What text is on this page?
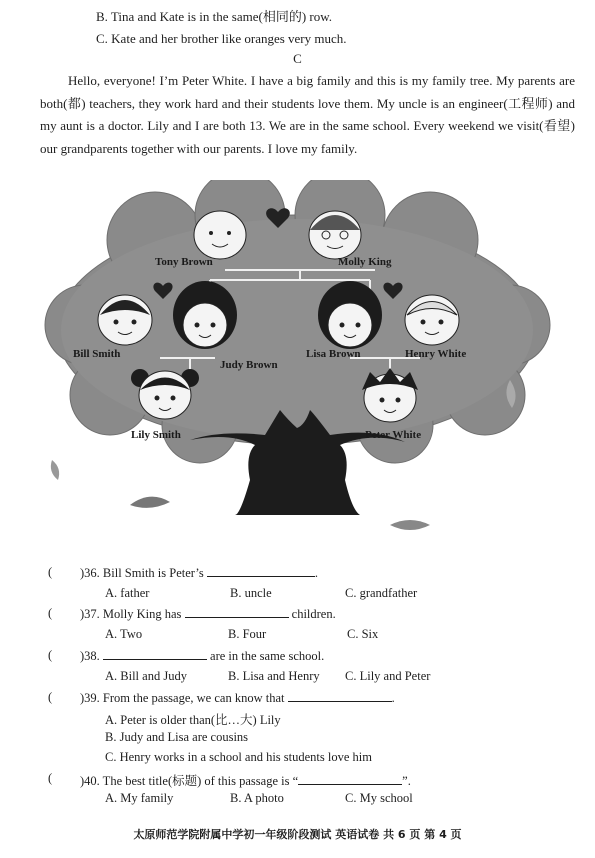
B. Tina and Kate is in the same(相同的) row.
C. Kate and her brother like oranges very much.
C
Hello, everyone! I’m Peter White. I have a big family and this is my family tree. My parents are both(都) teachers, they work hard and their students love them. My uncle is an engineer(工程师) and my aunt is a doctor. Lily and I are both 13. We are in the same school. Every weekend we visit(看望) our grandparents together with our parents. I love my family.
Tony Brown	Molly King
Bill Smith
Judy Brown
Lisa Brown	Henry White
Lily Smith	Peter White
( )36. Bill Smith is Peter’s	.
A. father	B. uncle	C. grandfather
( )37. Molly King has	children.
A. Two	B. Four	C. Six
( )38.	are in the same school.
A. Bill and Judy	B. Lisa and Henry C. Lily and Peter
( )39. From the passage, we can know that	.
A. Peter is older than(比…大) Lily
B. Judy and Lisa are cousins
C. Henry works in a school and his students love him
( )40. The best title(标题) of this passage is “	”.
A. My family	B. A photo	C. My school
太原师范学院附属中学初一年级阶段测试 英语试卷 共 6 页 第 4 页
